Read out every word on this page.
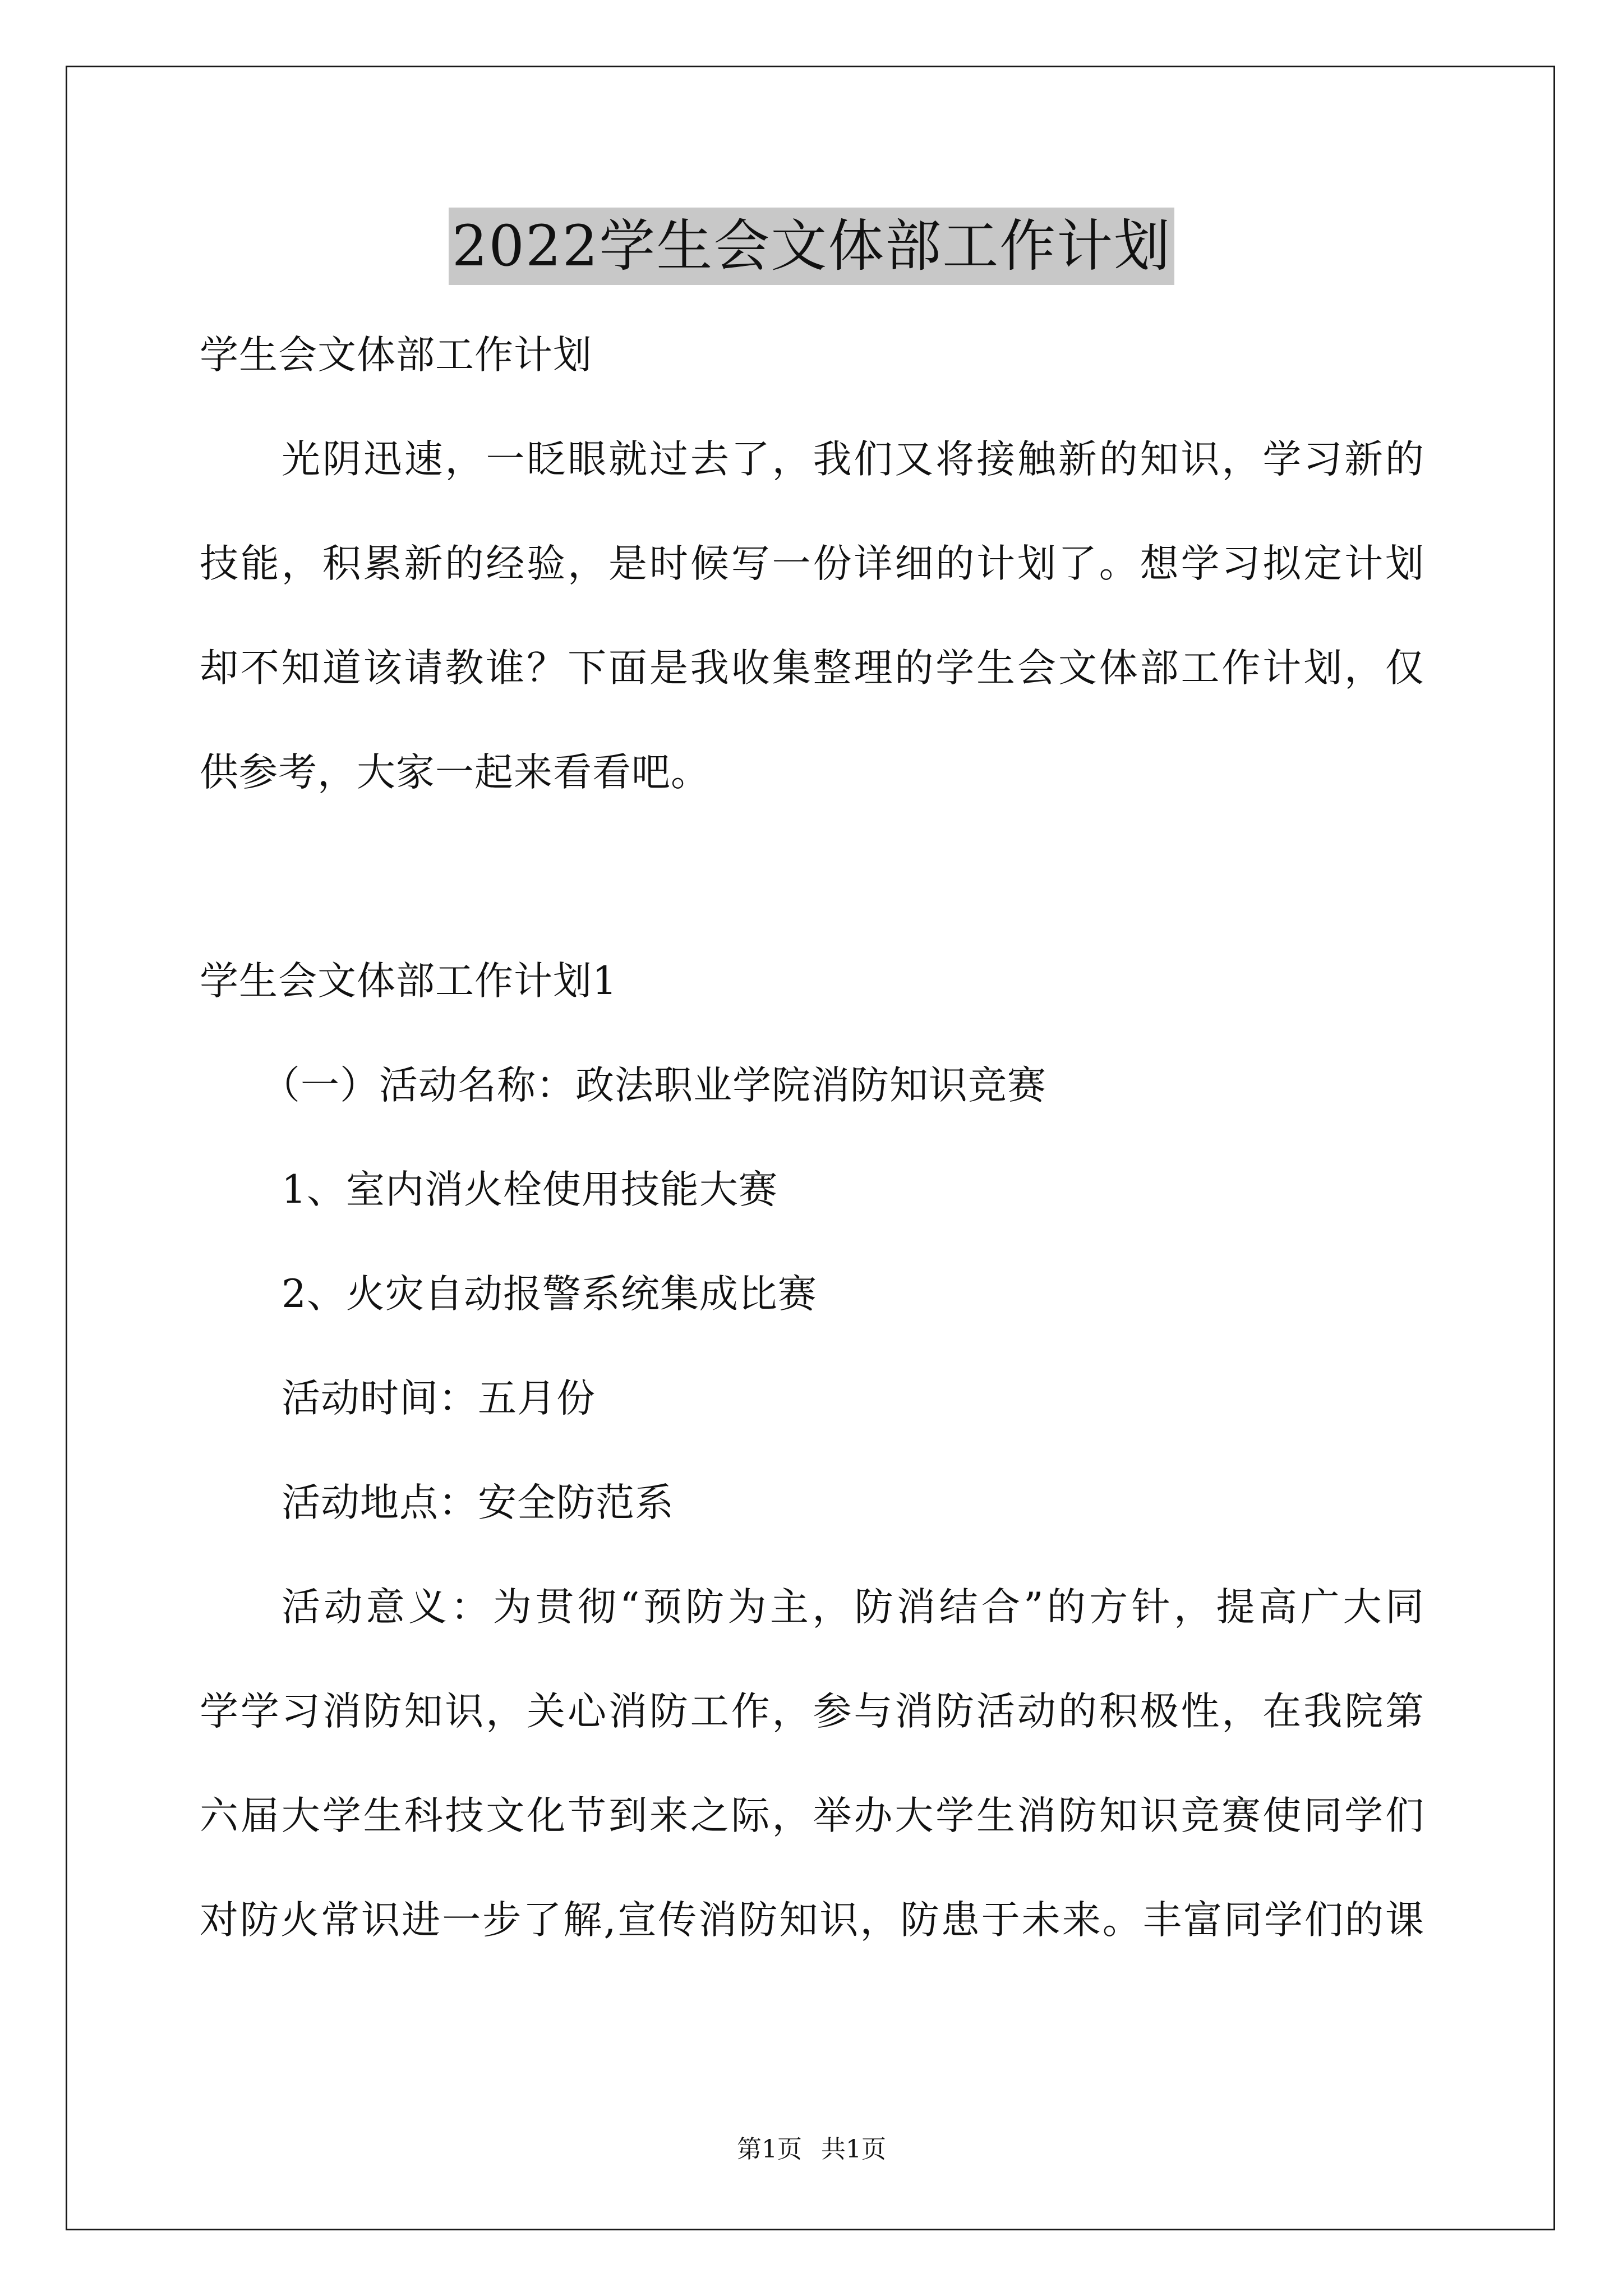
2022学生会文体部工作计划
学生会文体部工作计划
光阴迅速，一眨眼就过去了，我们又将接触新的知识，学习新的
技能，积累新的经验，是时候写一份详细的计划了。想学习拟定计划
却不知道该请教谁？下面是我收集整理的学生会文体部工作计划，仅
供参考，大家一起来看看吧。
学生会文体部工作计划1
（一）活动名称：政法职业学院消防知识竞赛
1、室内消火栓使用技能大赛
2、火灾自动报警系统集成比赛
活动时间：五月份
活动地点：安全防范系
活动意义：为贯彻“预防为主，防消结合”的方针，提高广大同
学学习消防知识，关心消防工作，参与消防活动的积极性，在我院第
六届大学生科技文化节到来之际，举办大学生消防知识竞赛使同学们
对防火常识进一步了解,宣传消防知识，防患于未来。丰富同学们的课
第1页 共1页
